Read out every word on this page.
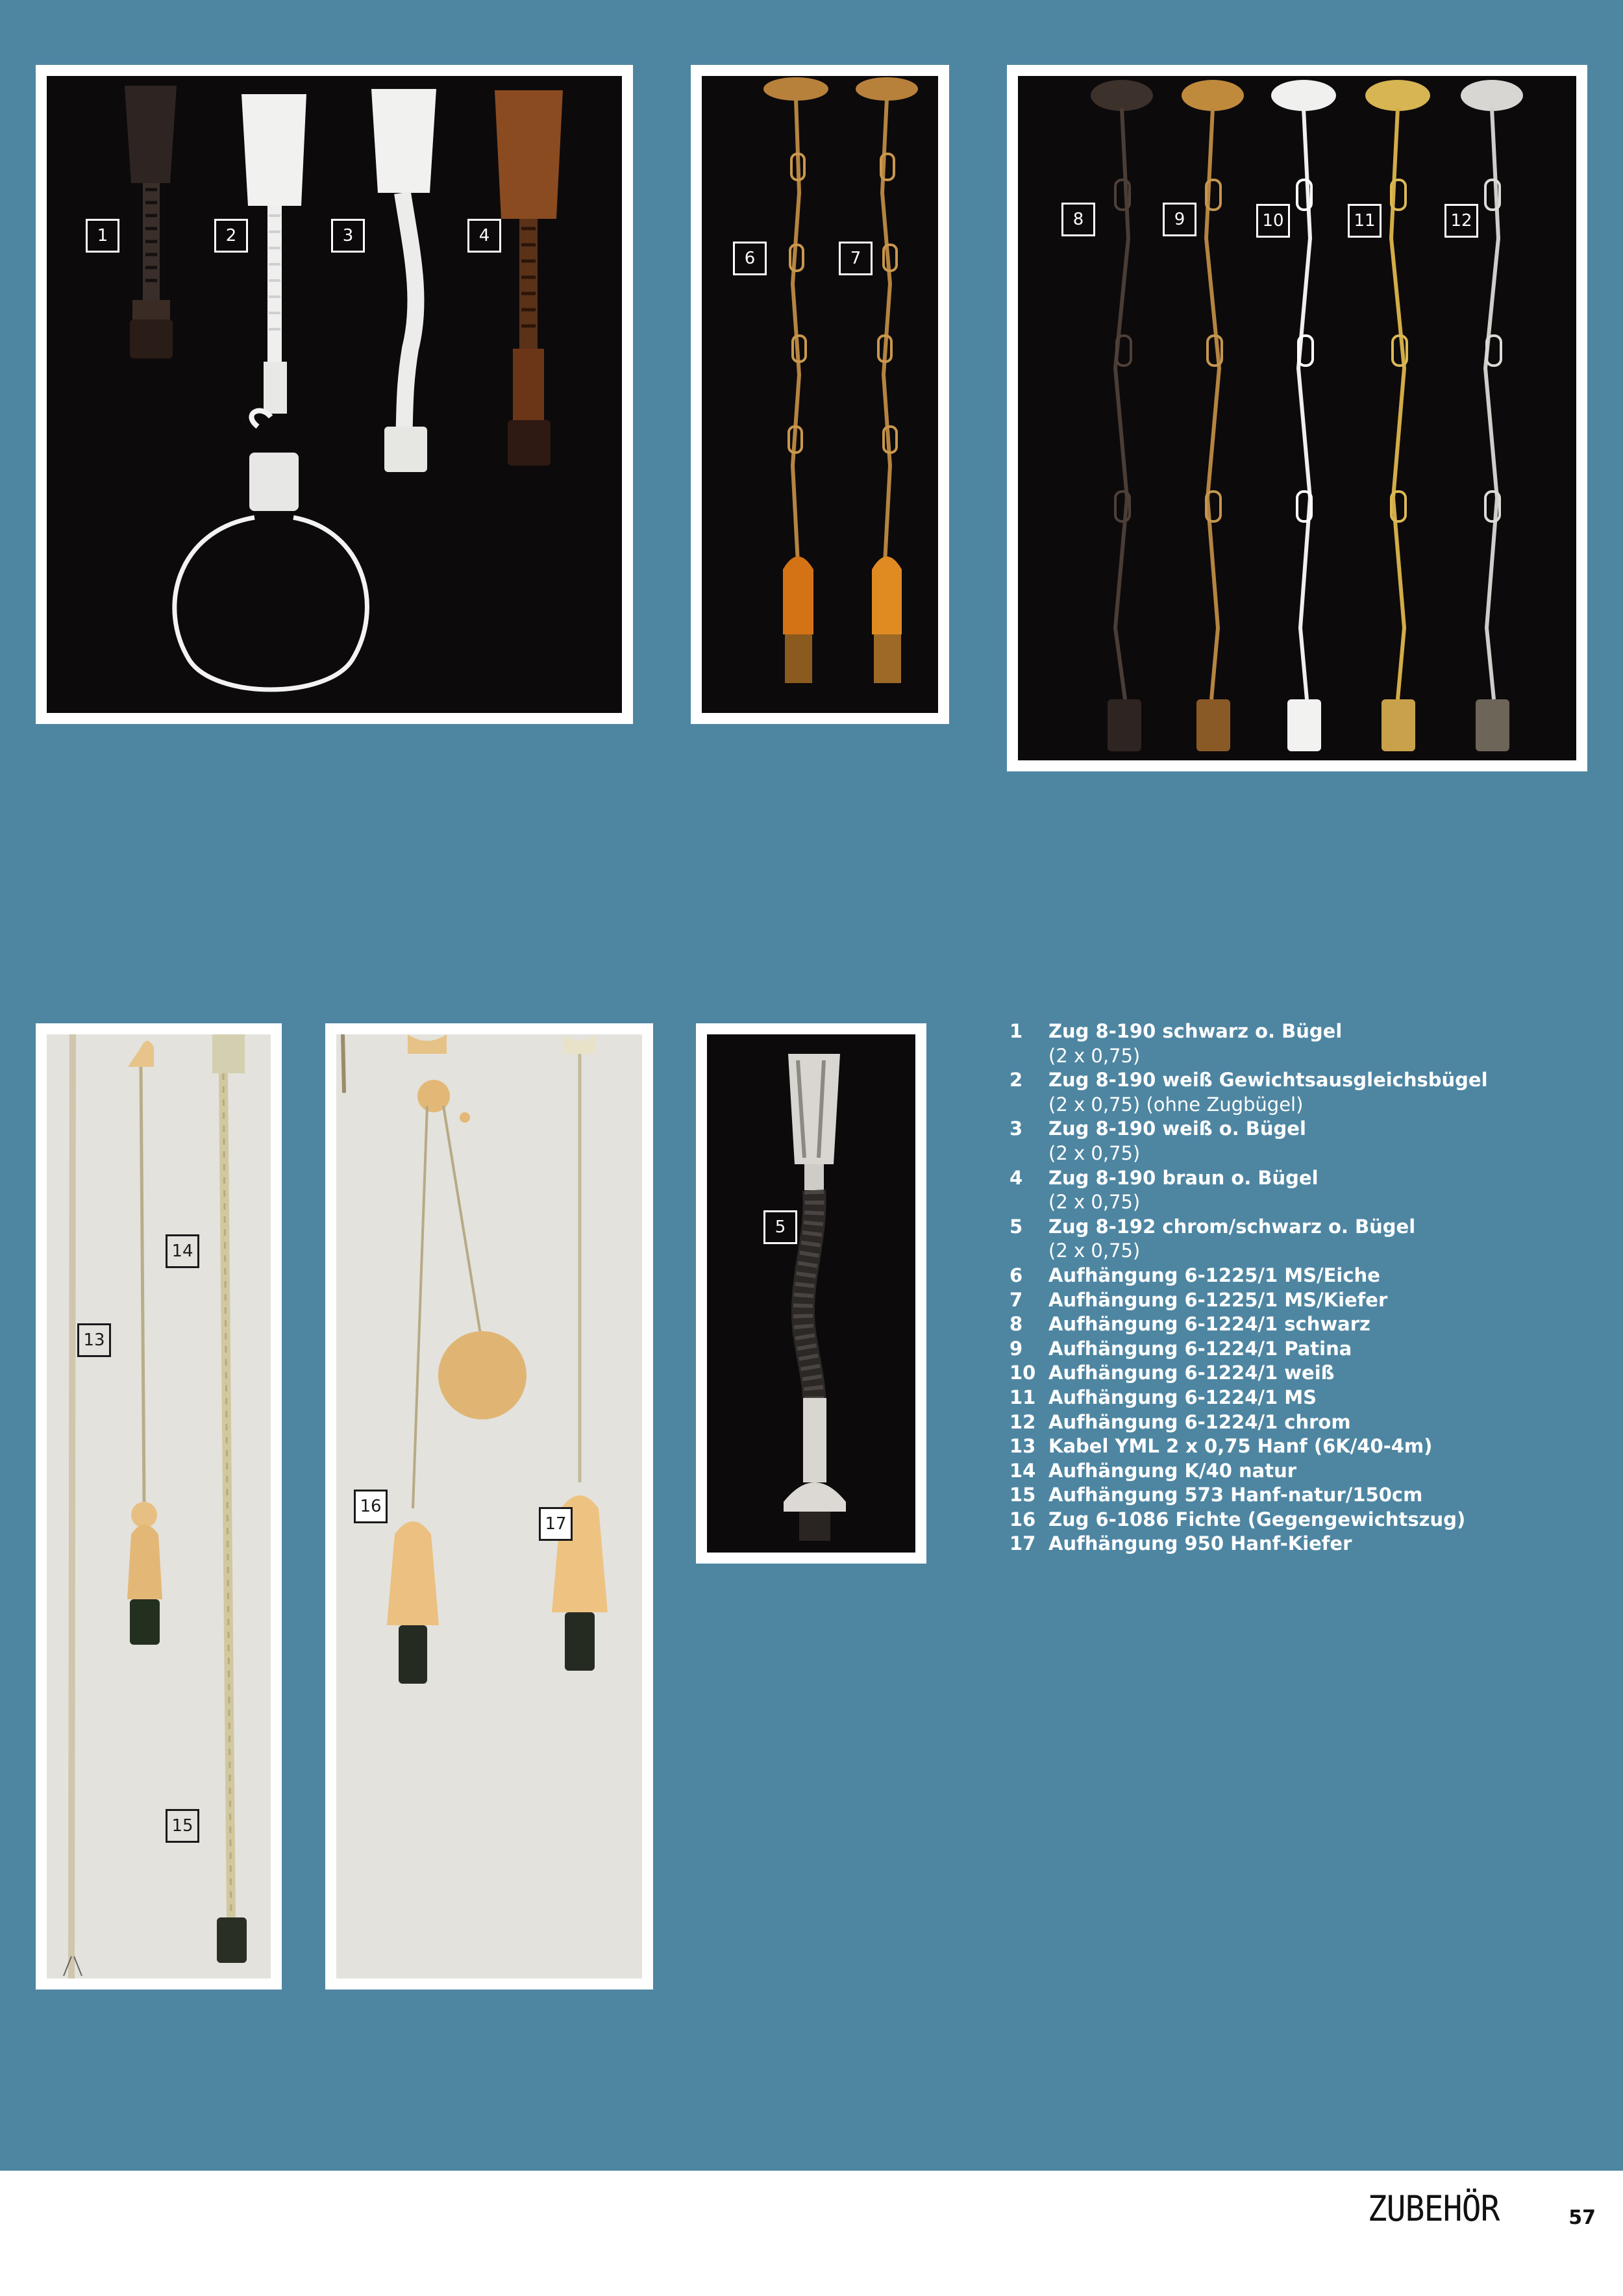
1	2	3	4
6	7
8	9	10	11	12
13
14
15
16
17
5
1	Zug 8-190 schwarz o. Bügel
(2 x 0,75)
2	Zug 8-190 weiß Gewichtsausgleichsbügel
(2 x 0,75) (ohne Zugbügel)
3	Zug 8-190 weiß o. Bügel
(2 x 0,75)
4	Zug 8-190 braun o. Bügel
(2 x 0,75)
5	Zug 8-192 chrom/schwarz o. Bügel
(2 x 0,75)
6	Aufhängung 6-1225/1 MS/Eiche
7	Aufhängung 6-1225/1 MS/Kiefer
8	Aufhängung 6-1224/1 schwarz
9	Aufhängung 6-1224/1 Patina
10 Aufhängung 6-1224/1 weiß
11 Aufhängung 6-1224/1 MS
12 Aufhängung 6-1224/1 chrom
13 Kabel YML 2 x 0,75 Hanf (6K/40-4m)
14 Aufhängung K/40 natur
15 Aufhängung 573 Hanf-natur/150cm
16 Zug 6-1086 Fichte (Gegengewichtszug)
17 Aufhängung 950 Hanf-Kiefer
ZUBEHÖR	57
